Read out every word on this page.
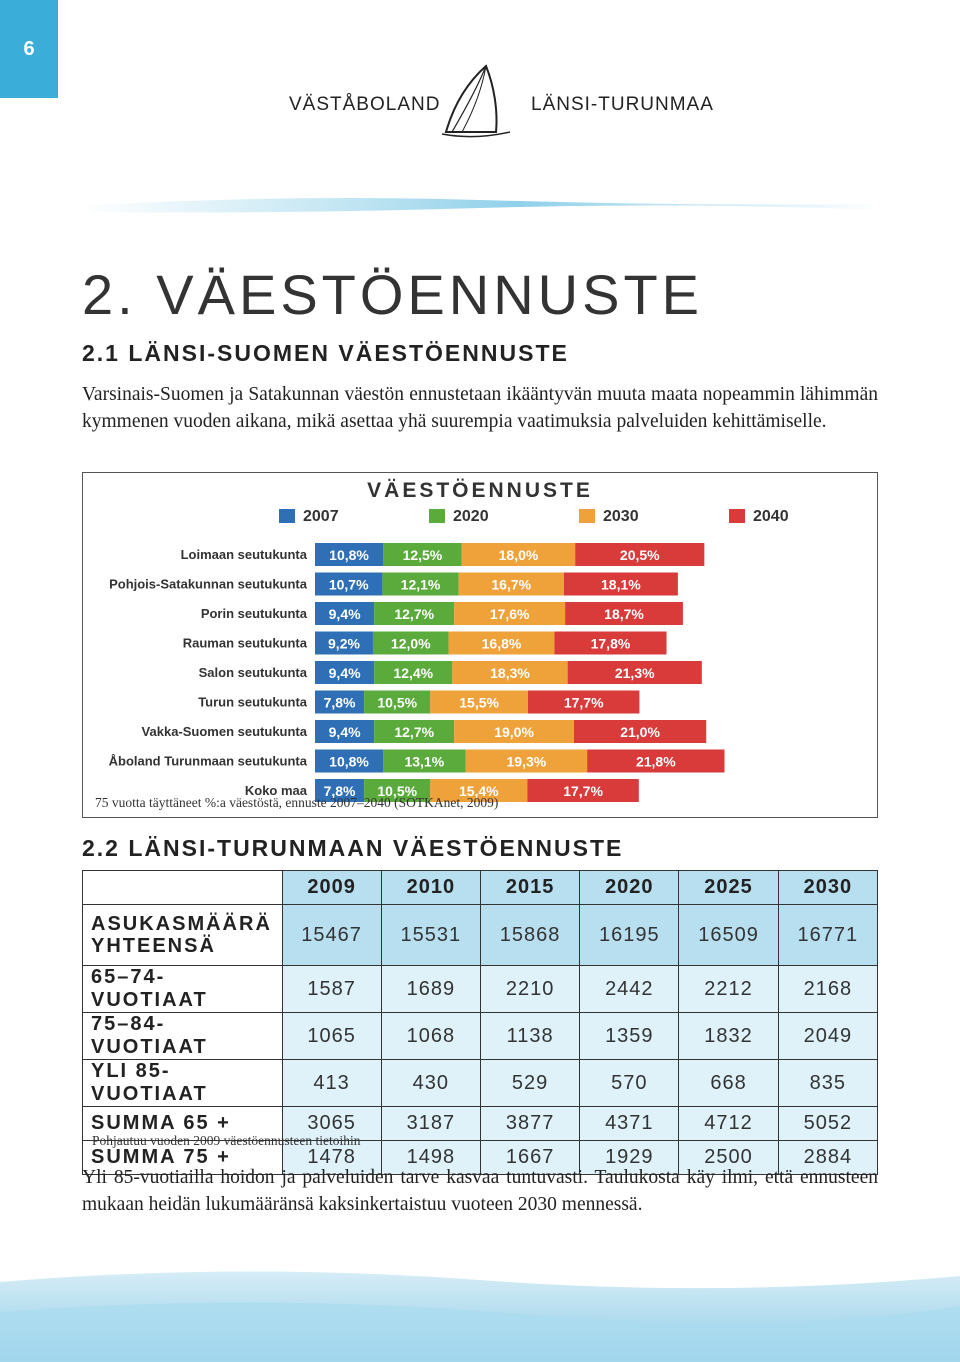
6
VÄSTÅBOLAND	LÄNSI-TURUNMAA
2. VÄESTÖENNUSTE
2.1 LÄNSI-SUOMEN VÄESTÖENNUSTE

Varsinais-Suomen ja Satakunnan väestön ennustetaan ikääntyvän muuta maata nopeammin lähimmän kymmenen vuoden aikana, mikä asettaa yhä suurempia vaatimuksia palveluiden kehittämiselle.

VÄESTÖENNUSTE
2007	2020	2030	2040
Loimaan seutukunta 10,8% 12,5%	18,0%	20,5%
Pohjois-Satakunnan seutukunta 10,7% 12,1%	16,7%	18,1%
Porin seutukunta 9,4% 12,7%	17,6%	18,7%
Rauman seutukunta 9,2% 12,0%	16,8%	17,8%
Salon seutukunta 9,4% 12,4%	18,3%	21,3%
Turun seutukunta 7,8% 10,5%	15,5%	17,7%
Vakka-Suomen seutukunta 9,4% 12,7%	19,0%	21,0%
Åboland Turunmaan seutukunta 10,8%	13,1%	19,3%	21,8%
Koko maa 7,8% 10,5%	15,4%	17,7%
75 vuotta täyttäneet %:a väestöstä, ennuste 2007–2040 (SOTKAnet, 2009)
2.2 LÄNSI-TURUNMAAN VÄESTÖENNUSTE
	2009	2010	2015	2020	2025	2030
ASUKASMÄÄRÄ
YHTEENSÄ	15467	15531	15868	16195	16509	16771
65–74-VUOTIAAT	1587	1689	2210	2442	2212	2168
75–84-VUOTIAAT	1065	1068	1138	1359	1832	2049
YLI 85-VUOTIAAT	413	430	529	570	668	835
SUMMA 65 +	3065	3187	3877	4371	4712	5052
SUMMA 75 +	1478	1498	1667	1929	2500	2884
Pohjautuu vuoden 2009 väestöennusteen tietoihin

Yli 85-vuotiailla hoidon ja palveluiden tarve kasvaa tuntuvasti. Taulukosta käy ilmi, että ennusteen mukaan heidän lukumääränsä kaksinkertaistuu vuoteen 2030 mennessä.
